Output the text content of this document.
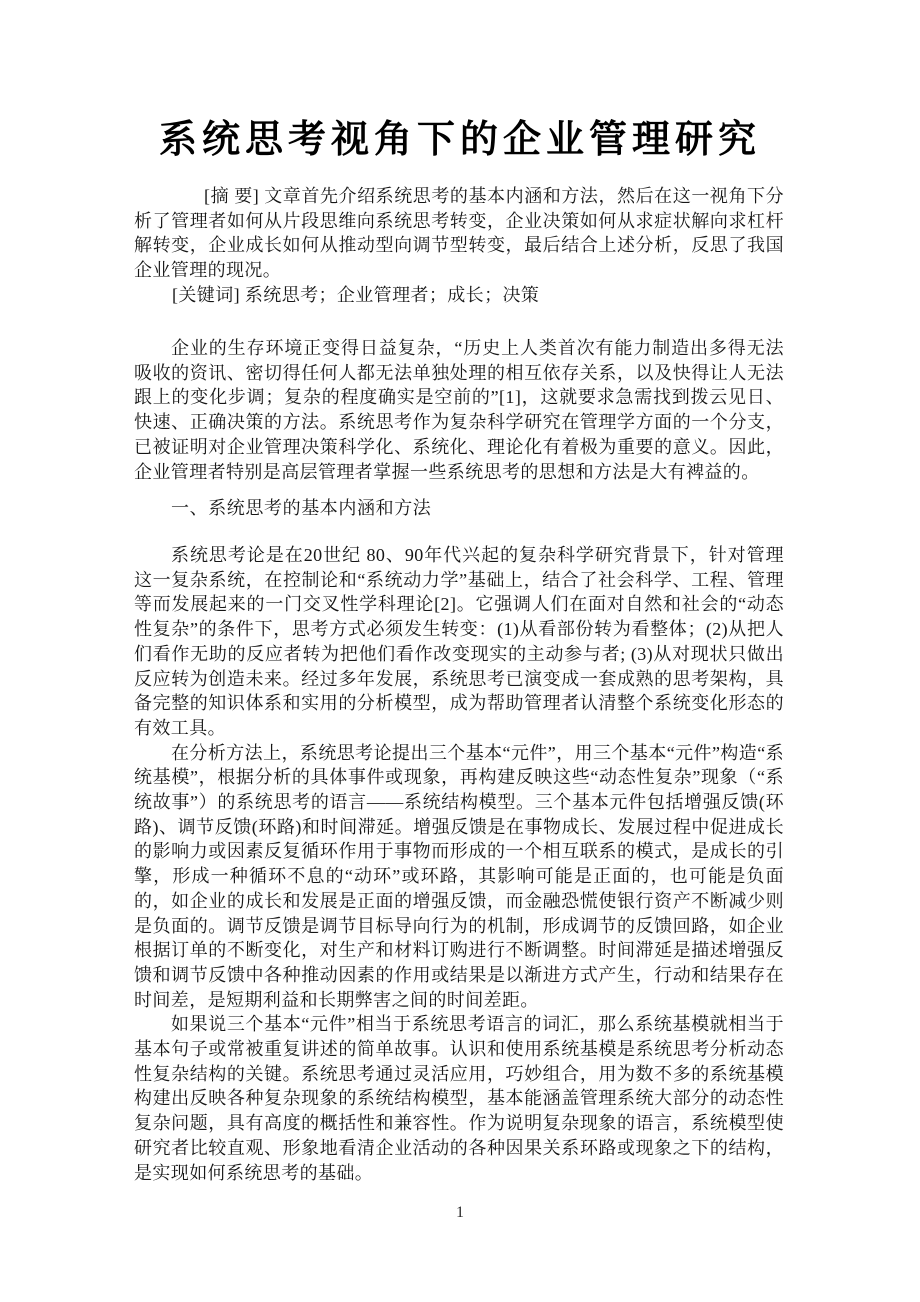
系统思考视角下的企业管理研究

[摘 要] 文章首先介绍系统思考的基本内涵和方法，然后在这一视角下分析了管理者如何从片段思维向系统思考转变，企业决策如何从求症状解向求杠杆解转变，企业成长如何从推动型向调节型转变，最后结合上述分析，反思了我国企业管理的现况。

[关键词] 系统思考；企业管理者；成长；决策

企业的生存环境正变得日益复杂，“历史上人类首次有能力制造出多得无法吸收的资讯、密切得任何人都无法单独处理的相互依存关系，以及快得让人无法跟上的变化步调；复杂的程度确实是空前的”[1]，这就要求急需找到拨云见日、快速、正确决策的方法。系统思考作为复杂科学研究在管理学方面的一个分支，已被证明对企业管理决策科学化、系统化、理论化有着极为重要的意义。因此，企业管理者特别是高层管理者掌握一些系统思考的思想和方法是大有裨益的。

一、系统思考的基本内涵和方法

系统思考论是在20世纪 80、90年代兴起的复杂科学研究背景下，针对管理这一复杂系统，在控制论和“系统动力学”基础上，结合了社会科学、工程、管理等而发展起来的一门交叉性学科理论[2]。它强调人们在面对自然和社会的“动态性复杂”的条件下，思考方式必须发生转变：(1)从看部份转为看整体；(2)从把人们看作无助的反应者转为把他们看作改变现实的主动参与者; (3)从对现状只做出反应转为创造未来。经过多年发展，系统思考已演变成一套成熟的思考架构，具备完整的知识体系和实用的分析模型，成为帮助管理者认清整个系统变化形态的有效工具。

在分析方法上，系统思考论提出三个基本“元件”，用三个基本“元件”构造“系统基模”，根据分析的具体事件或现象，再构建反映这些“动态性复杂”现象（“系统故事”）的系统思考的语言——系统结构模型。三个基本元件包括增强反馈(环路)、调节反馈(环路)和时间滞延。增强反馈是在事物成长、发展过程中促进成长的影响力或因素反复循环作用于事物而形成的一个相互联系的模式，是成长的引擎，形成一种循环不息的“动环”或环路，其影响可能是正面的，也可能是负面的，如企业的成长和发展是正面的增强反馈，而金融恐慌使银行资产不断减少则是负面的。调节反馈是调节目标导向行为的机制，形成调节的反馈回路，如企业根据订单的不断变化，对生产和材料订购进行不断调整。时间滞延是描述增强反馈和调节反馈中各种推动因素的作用或结果是以渐进方式产生，行动和结果存在时间差，是短期利益和长期弊害之间的时间差距。

如果说三个基本“元件”相当于系统思考语言的词汇，那么系统基模就相当于基本句子或常被重复讲述的简单故事。认识和使用系统基模是系统思考分析动态性复杂结构的关键。系统思考通过灵活应用，巧妙组合，用为数不多的系统基模构建出反映各种复杂现象的系统结构模型，基本能涵盖管理系统大部分的动态性复杂问题，具有高度的概括性和兼容性。作为说明复杂现象的语言，系统模型使研究者比较直观、形象地看清企业活动的各种因果关系环路或现象之下的结构，是实现如何系统思考的基础。

1
